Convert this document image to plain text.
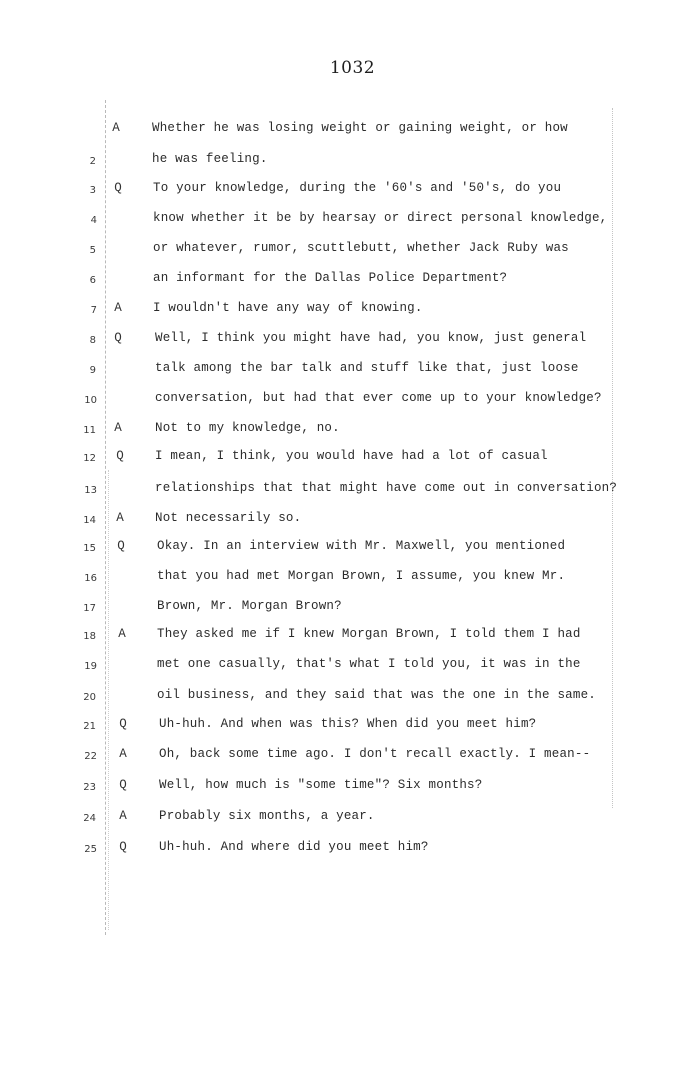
1032
A	Whether he was losing weight or gaining weight, or how
2	he was feeling.
3	Q	To your knowledge, during the '60's and '50's, do you
4	know whether it be by hearsay or direct personal knowledge,
5	or whatever, rumor, scuttlebutt, whether Jack Ruby was
6	an informant for the Dallas Police Department?
7	A	I wouldn't have any way of knowing.
8	Q	Well, I think you might have had, you know, just general
9	talk among the bar talk and stuff like that, just loose
10	conversation, but had that ever come up to your knowledge?
11	A	Not to my knowledge, no.
12	Q	I mean, I think, you would have had a lot of casual
13	relationships that that might have come out in conversation?
14	A	Not necessarily so.
15	Q	Okay. In an interview with Mr. Maxwell, you mentioned
16	that you had met Morgan Brown, I assume, you knew Mr.
17	Brown, Mr. Morgan Brown?
18	A	They asked me if I knew Morgan Brown, I told them I had
19	met one casually, that's what I told you, it was in the
20	oil business, and they said that was the one in the same.
21	Q	Uh-huh. And when was this? When did you meet him?
22	A	Oh, back some time ago. I don't recall exactly. I mean--
23	Q	Well, how much is "some time"? Six months?
24	A	Probably six months, a year.
25	Q	Uh-huh. And where did you meet him?
